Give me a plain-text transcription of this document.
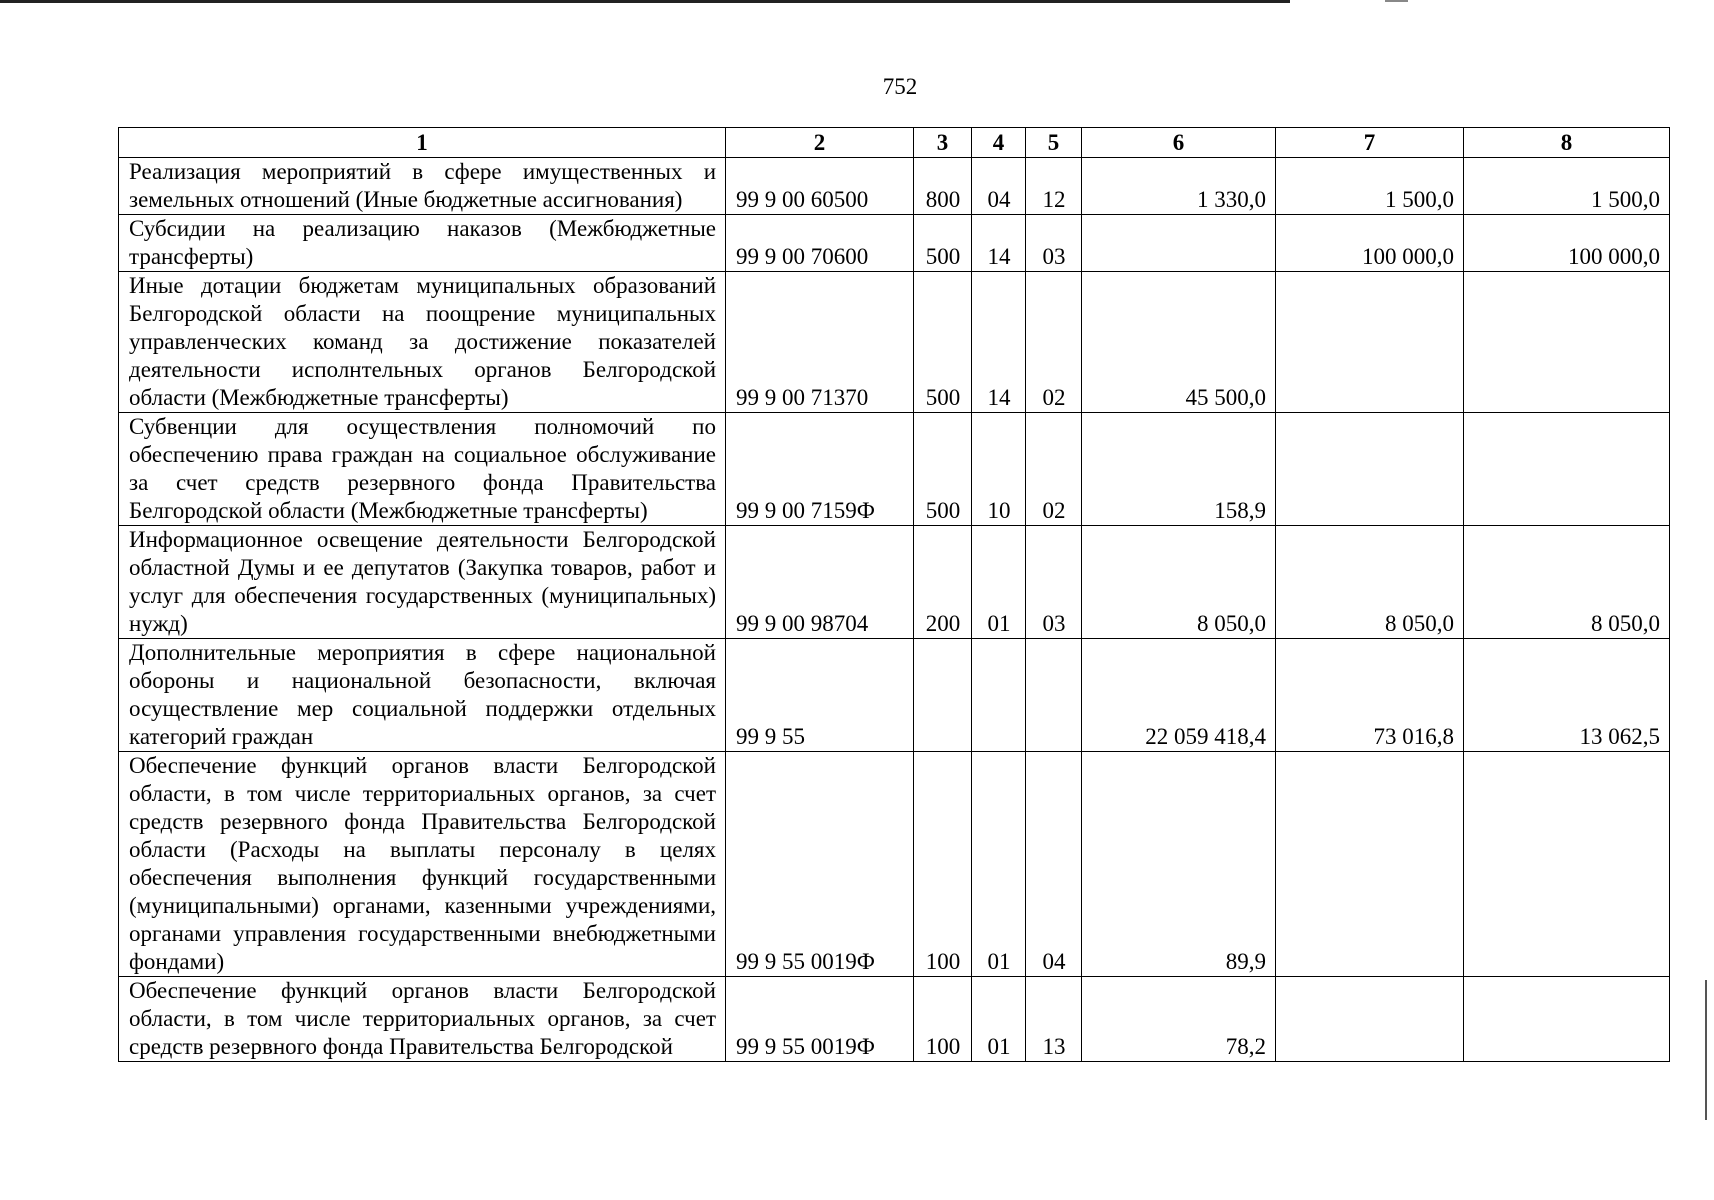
752
1	2	3	4	5	6	7	8
Реализация мероприятий в сфере имущественных и земельных отношений (Иные бюджетные ассигнования)	99 9 00 60500	800	04	12	1 330,0	1 500,0	1 500,0
Субсидии на реализацию наказов (Межбюджетные трансферты)	99 9 00 70600	500	14	03		100 000,0	100 000,0
Иные дотации бюджетам муниципальных образований Белгородской области на поощрение муниципальных управленческих команд за достижение показателей деятельности исполнтельных органов Белгородской области (Межбюджетные трансферты)	99 9 00 71370	500	14	02	45 500,0		
Субвенции для осуществления полномочий по обеспечению права граждан на социальное обслуживание за счет средств резервного фонда Правительства Белгородской области (Межбюджетные трансферты)	99 9 00 7159Ф	500	10	02	158,9		
Информационное освещение деятельности Белгородской областной Думы и ее депутатов (Закупка товаров, работ и услуг для обеспечения государственных (муниципальных) нужд)	99 9 00 98704	200	01	03	8 050,0	8 050,0	8 050,0
Дополнительные мероприятия в сфере национальной обороны и национальной безопасности, включая осуществление мер социальной поддержки отдельных категорий граждан	99 9 55				22 059 418,4	73 016,8	13 062,5
Обеспечение функций органов власти Белгородской области, в том числе территориальных органов, за счет средств резервного фонда Правительства Белгородской области (Расходы на выплаты персоналу в целях обеспечения выполнения функций государственными (муниципальными) органами, казенными учреждениями, органами управления государственными внебюджетными фондами)	99 9 55 0019Ф	100	01	04	89,9		
Обеспечение функций органов власти Белгородской области, в том числе территориальных органов, за счет средств резервного фонда Правительства Белгородской	99 9 55 0019Ф	100	01	13	78,2		
